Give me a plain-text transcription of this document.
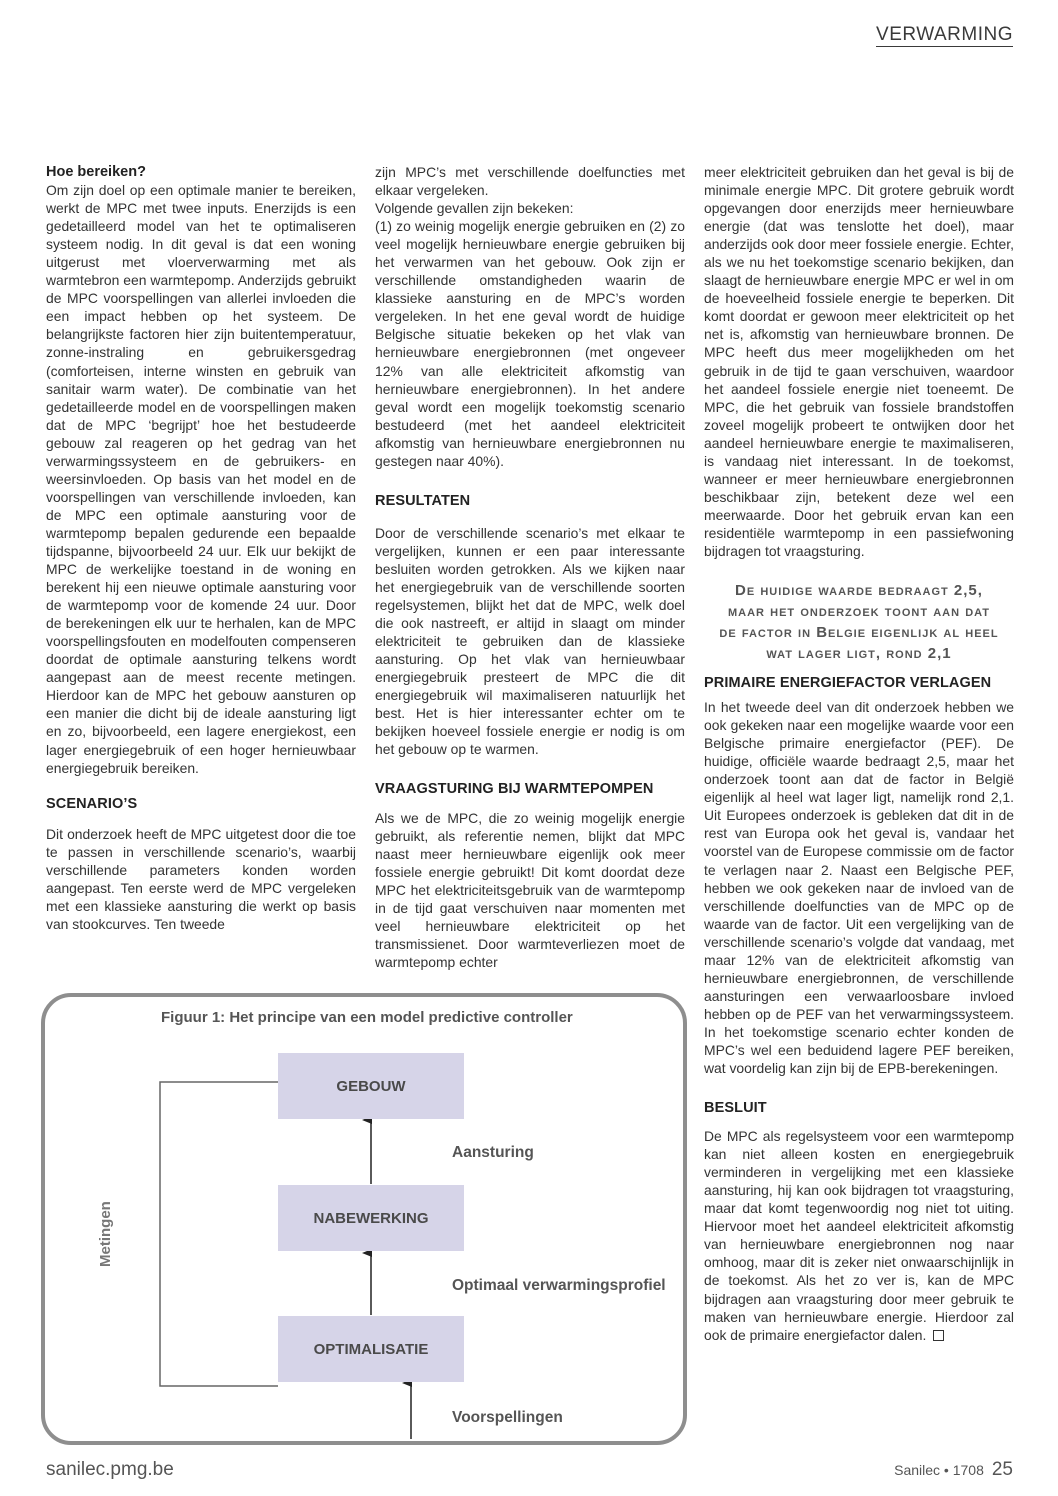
VERWARMING

Hoe bereiken?

Om zijn doel op een optimale manier te bereiken, werkt de MPC met twee inputs. Enerzijds is een gedetailleerd model van het te optimaliseren systeem nodig. In dit geval is dat een woning uitgerust met vloerverwarming met als warmtebron een warmtepomp. Anderzijds gebruikt de MPC voorspellingen van allerlei invloeden die een impact hebben op het systeem. De belangrijkste factoren hier zijn buitentemperatuur, zonne-instraling en gebruikersgedrag (comforteisen, interne winsten en gebruik van sanitair warm water). De combinatie van het gedetailleerde model en de voorspellingen maken dat de MPC ‘begrijpt’ hoe het bestudeerde gebouw zal reageren op het gedrag van het verwarmingssysteem en de gebruikers- en weersinvloeden. Op basis van het model en de voorspellingen van verschillende invloeden, kan de MPC een optimale aansturing voor de warmtepomp bepalen gedurende een bepaalde tijdspanne, bijvoorbeeld 24 uur. Elk uur bekijkt de MPC de werkelijke toestand in de woning en berekent hij een nieuwe optimale aansturing voor de warmtepomp voor de komende 24 uur. Door de berekeningen elk uur te herhalen, kan de MPC voorspellingsfouten en modelfouten compenseren doordat de optimale aansturing telkens wordt aangepast aan de meest recente metingen. Hierdoor kan de MPC het gebouw aansturen op een manier die dicht bij de ideale aansturing ligt en zo, bijvoorbeeld, een lagere energiekost, een lager energiegebruik of een hoger hernieuwbaar energiegebruik bereiken.

SCENARIO’S

Dit onderzoek heeft de MPC uitgetest door die toe te passen in verschillende scenario’s, waarbij verschillende parameters konden worden aangepast. Ten eerste werd de MPC vergeleken met een klassieke aansturing die werkt op basis van stookcurves. Ten tweede

zijn MPC’s met verschillende doelfuncties met elkaar vergeleken.

Volgende gevallen zijn bekeken:

(1) zo weinig mogelijk energie gebruiken en (2) zo veel mogelijk hernieuwbare energie gebruiken bij het verwarmen van het gebouw. Ook zijn er verschillende omstandigheden waarin de klassieke aansturing en de MPC’s worden vergeleken. In het ene geval wordt de huidige Belgische situatie bekeken op het vlak van hernieuwbare energiebronnen (met ongeveer 12% van alle elektriciteit afkomstig van hernieuwbare energiebronnen). In het andere geval wordt een mogelijk toekomstig scenario bestudeerd (met het aandeel elektriciteit afkomstig van hernieuwbare energiebronnen nu gestegen naar 40%).

RESULTATEN

Door de verschillende scenario’s met elkaar te vergelijken, kunnen er een paar interessante besluiten worden getrokken. Als we kijken naar het energiegebruik van de verschillende soorten regelsystemen, blijkt het dat de MPC, welk doel die ook nastreeft, er altijd in slaagt om minder elektriciteit te gebruiken dan de klassieke aansturing. Op het vlak van hernieuwbaar energiegebruik presteert de MPC die dit energiegebruik wil maximaliseren natuurlijk het best. Het is hier interessanter echter om te bekijken hoeveel fossiele energie er nodig is om het gebouw op te warmen.

VRAAGSTURING BIJ WARMTEPOMPEN

Als we de MPC, die zo weinig mogelijk energie gebruikt, als referentie nemen, blijkt dat MPC naast meer hernieuwbare eigenlijk ook meer fossiele energie gebruikt! Dit komt doordat deze MPC het elektriciteitsgebruik van de warmtepomp in de tijd gaat verschuiven naar momenten met veel hernieuwbare elektriciteit op het transmissienet. Door warmteverliezen moet de warmtepomp echter

meer elektriciteit gebruiken dan het geval is bij de minimale energie MPC. Dit grotere gebruik wordt opgevangen door enerzijds meer hernieuwbare energie (dat was tenslotte het doel), maar anderzijds ook door meer fossiele energie. Echter, als we nu het toekomstige scenario bekijken, dan slaagt de hernieuwbare energie MPC er wel in om de hoeveelheid fossiele energie te beperken. Dit komt doordat er gewoon meer elektriciteit op het net is, afkomstig van hernieuwbare bronnen. De MPC heeft dus meer mogelijkheden om het gebruik in de tijd te gaan verschuiven, waardoor het aandeel fossiele energie niet toeneemt. De MPC, die het gebruik van fossiele brandstoffen zoveel mogelijk probeert te ontwijken door het aandeel hernieuwbare energie te maximaliseren, is vandaag niet interessant. In de toekomst, wanneer er meer hernieuwbare energiebronnen beschikbaar zijn, betekent deze wel een meerwaarde. Door het gebruik ervan kan een residentiële warmtepomp in een passiefwoning bijdragen tot vraagsturing.

De huidige waarde bedraagt 2,5, maar het onderzoek toont aan dat de factor in Belgie eigenlijk al heel wat lager ligt, rond 2,1

PRIMAIRE ENERGIEFACTOR VERLAGEN

In het tweede deel van dit onderzoek hebben we ook gekeken naar een mogelijke waarde voor een Belgische primaire energiefactor (PEF). De huidige, officiële waarde bedraagt 2,5, maar het onderzoek toont aan dat de factor in België eigenlijk al heel wat lager ligt, namelijk rond 2,1. Uit Europees onderzoek is gebleken dat dit in de rest van Europa ook het geval is, vandaar het voorstel van de Europese commissie om de factor te verlagen naar 2. Naast een Belgische PEF, hebben we ook gekeken naar de invloed van de verschillende doelfuncties van de MPC op de waarde van de factor. Uit een vergelijking van de verschillende scenario’s volgde dat vandaag, met maar 12% van de elektriciteit afkomstig van hernieuwbare energiebronnen, de verschillende aansturingen een verwaarloosbare invloed hebben op de PEF van het verwarmingssysteem. In het toekomstige scenario echter konden de MPC’s wel een beduidend lagere PEF bereiken, wat voordelig kan zijn bij de EPB-berekeningen.

BESLUIT

De MPC als regelsysteem voor een warmtepomp kan niet alleen kosten en energiegebruik verminderen in vergelijking met een klassieke aansturing, hij kan ook bijdragen tot vraagsturing, maar dat komt tegenwoordig nog niet tot uiting. Hiervoor moet het aandeel elektriciteit afkomstig van hernieuwbare energiebronnen nog naar omhoog, maar dit is zeker niet onwaarschijnlijk in de toekomst. Als het zo ver is, kan de MPC bijdragen aan vraagsturing door meer gebruik te maken van hernieuwbare energie. Hierdoor zal ook de primaire energiefactor dalen.

Figuur 1: Het principe van een model predictive controller
GEBOUW
NABEWERKING
OPTIMALISATIE
Aansturing
Optimaal verwarmingsprofiel
Voorspellingen
Metingen
sanilec.pmg.be	Sanilec • 1708 25
